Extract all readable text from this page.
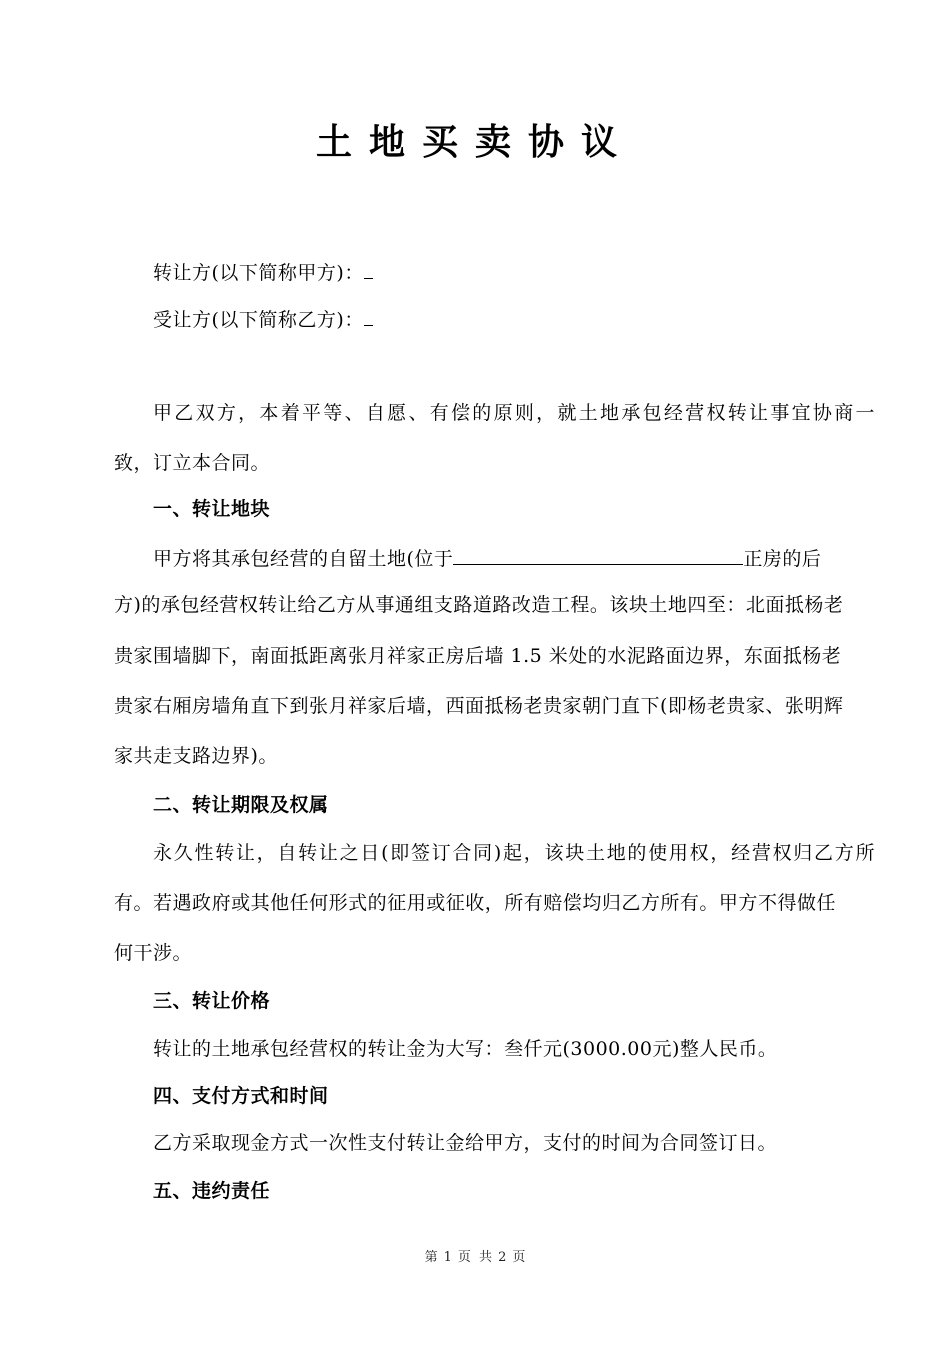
土地买卖协议
转让方(以下简称甲方)：
受让方(以下简称乙方)：
甲乙双方，本着平等、自愿、有偿的原则，就土地承包经营权转让事宜协商一
致，订立本合同。
一、转让地块
甲方将其承包经营的自留土地(位于	正房的后
方)的承包经营权转让给乙方从事通组支路道路改造工程。该块土地四至：北面抵杨老
贵家围墙脚下，南面抵距离张月祥家正房后墙 1.5 米处的水泥路面边界，东面抵杨老
贵家右厢房墙角直下到张月祥家后墙，西面抵杨老贵家朝门直下(即杨老贵家、张明辉
家共走支路边界)。
二、转让期限及权属
永久性转让，自转让之日(即签订合同)起，该块土地的使用权，经营权归乙方所
有。若遇政府或其他任何形式的征用或征收，所有赔偿均归乙方所有。甲方不得做任
何干涉。
三、转让价格
转让的土地承包经营权的转让金为大写：叁仟元(3000.00元)整人民币。
四、支付方式和时间
乙方采取现金方式一次性支付转让金给甲方，支付的时间为合同签订日。
五、违约责任
第 1 页 共 2 页
